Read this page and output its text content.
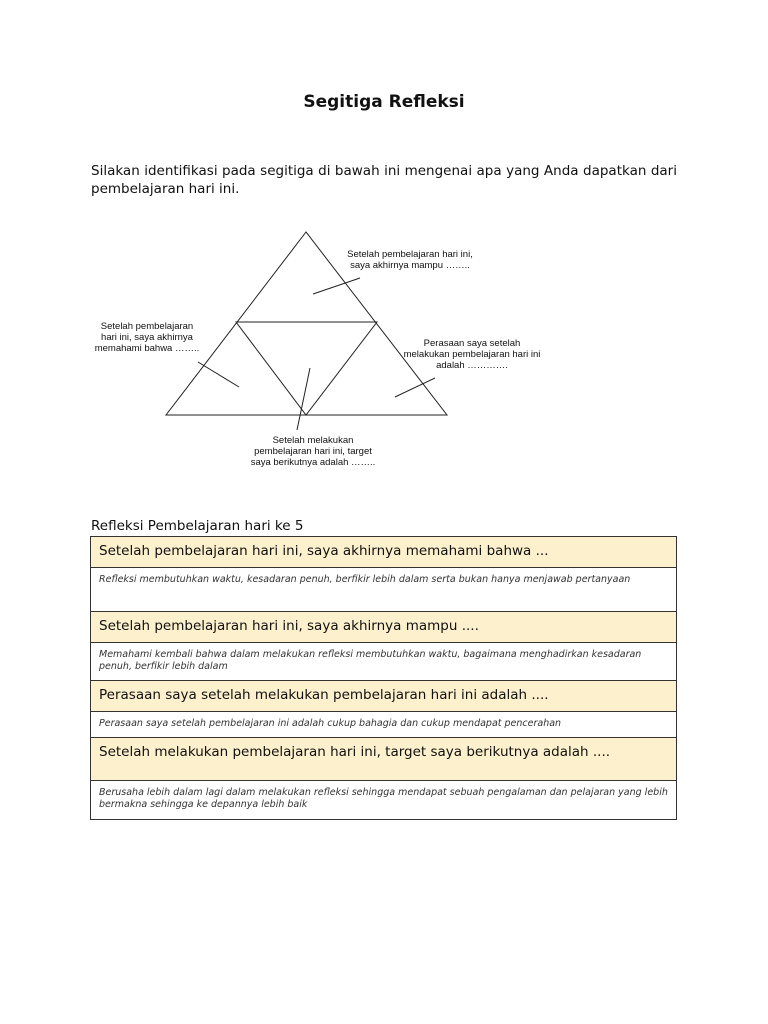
Segitiga Refleksi

Silakan identifikasi pada segitiga di bawah ini mengenai apa yang Anda dapatkan dari pembelajaran hari ini.

Setelah pembelajaran hari ini, saya akhirnya mampu ……..
Setelah pembelajaran hari ini, saya akhirnya memahami bahwa ……..	Perasaan saya setelah melakukan pembelajaran hari ini adalah ………….
Setelah melakukan pembelajaran hari ini, target saya berikutnya adalah ……..
Refleksi Pembelajaran hari ke 5
Setelah pembelajaran hari ini, saya akhirnya memahami bahwa ...
Refleksi membutuhkan waktu, kesadaran penuh, berfikir lebih dalam serta bukan hanya menjawab pertanyaan
Setelah pembelajaran hari ini, saya akhirnya mampu ....
Memahami kembali bahwa dalam melakukan refleksi membutuhkan waktu, bagaimana menghadirkan kesadaran penuh, berfikir lebih dalam
Perasaan saya setelah melakukan pembelajaran hari ini adalah ....
Perasaan saya setelah pembelajaran ini adalah cukup bahagia dan cukup mendapat pencerahan
Setelah melakukan pembelajaran hari ini, target saya berikutnya adalah ....
Berusaha lebih dalam lagi dalam melakukan refleksi sehingga mendapat sebuah pengalaman dan pelajaran yang lebih bermakna sehingga ke depannya lebih baik
